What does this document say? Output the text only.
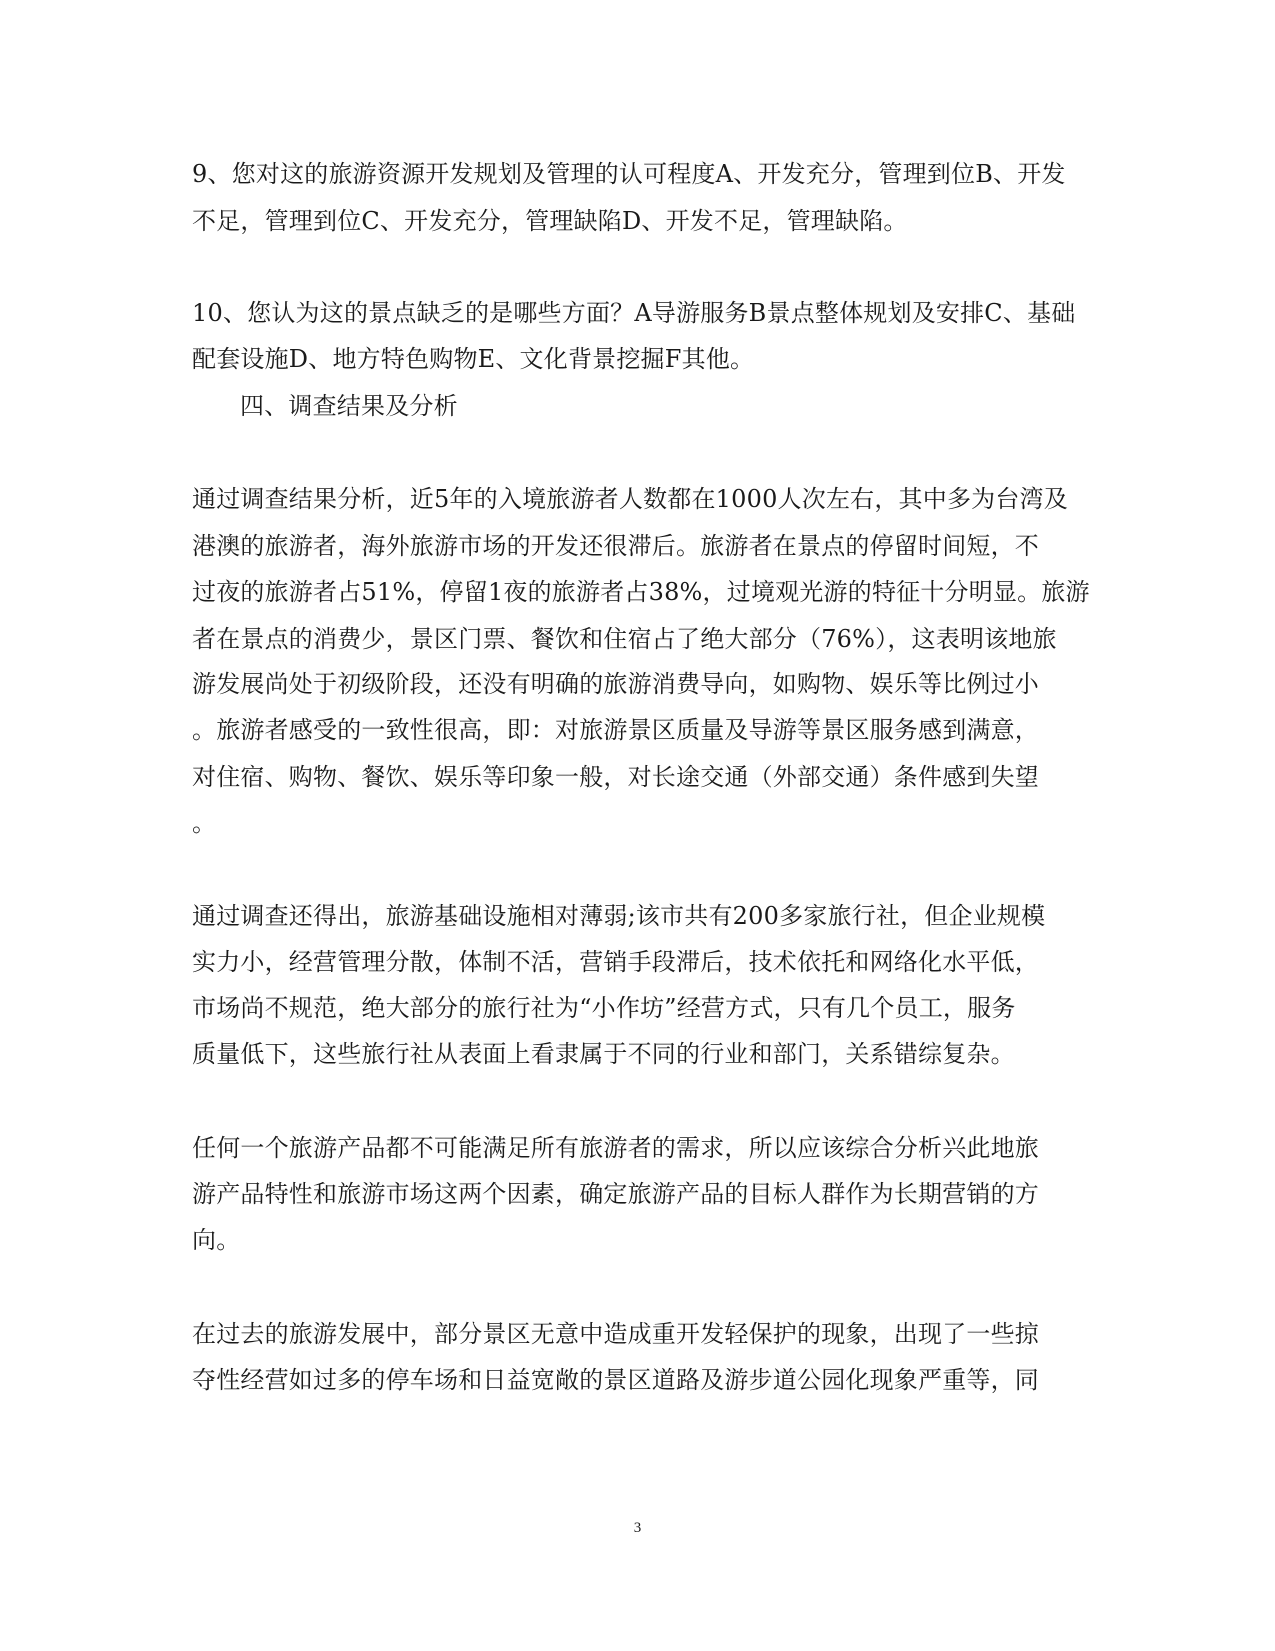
9、您对这的旅游资源开发规划及管理的认可程度A、开发充分，管理到位B、开发
不足，管理到位C、开发充分，管理缺陷D、开发不足，管理缺陷。
10、您认为这的景点缺乏的是哪些方面？A导游服务B景点整体规划及安排C、基础
配套设施D、地方特色购物E、文化背景挖掘F其他。
四、调查结果及分析
通过调查结果分析，近5年的入境旅游者人数都在1000人次左右，其中多为台湾及
港澳的旅游者，海外旅游市场的开发还很滞后。旅游者在景点的停留时间短，不
过夜的旅游者占51%，停留1夜的旅游者占38%，过境观光游的特征十分明显。旅游
者在景点的消费少，景区门票、餐饮和住宿占了绝大部分（76%），这表明该地旅
游发展尚处于初级阶段，还没有明确的旅游消费导向，如购物、娱乐等比例过小
。旅游者感受的一致性很高，即：对旅游景区质量及导游等景区服务感到满意，
对住宿、购物、餐饮、娱乐等印象一般，对长途交通（外部交通）条件感到失望
。
通过调查还得出，旅游基础设施相对薄弱;该市共有200多家旅行社，但企业规模
实力小，经营管理分散，体制不活，营销手段滞后，技术依托和网络化水平低，
市场尚不规范，绝大部分的旅行社为“小作坊”经营方式，只有几个员工，服务
质量低下，这些旅行社从表面上看隶属于不同的行业和部门，关系错综复杂。
任何一个旅游产品都不可能满足所有旅游者的需求，所以应该综合分析兴此地旅
游产品特性和旅游市场这两个因素，确定旅游产品的目标人群作为长期营销的方
向。
在过去的旅游发展中，部分景区无意中造成重开发轻保护的现象，出现了一些掠
夺性经营如过多的停车场和日益宽敞的景区道路及游步道公园化现象严重等，同
3
